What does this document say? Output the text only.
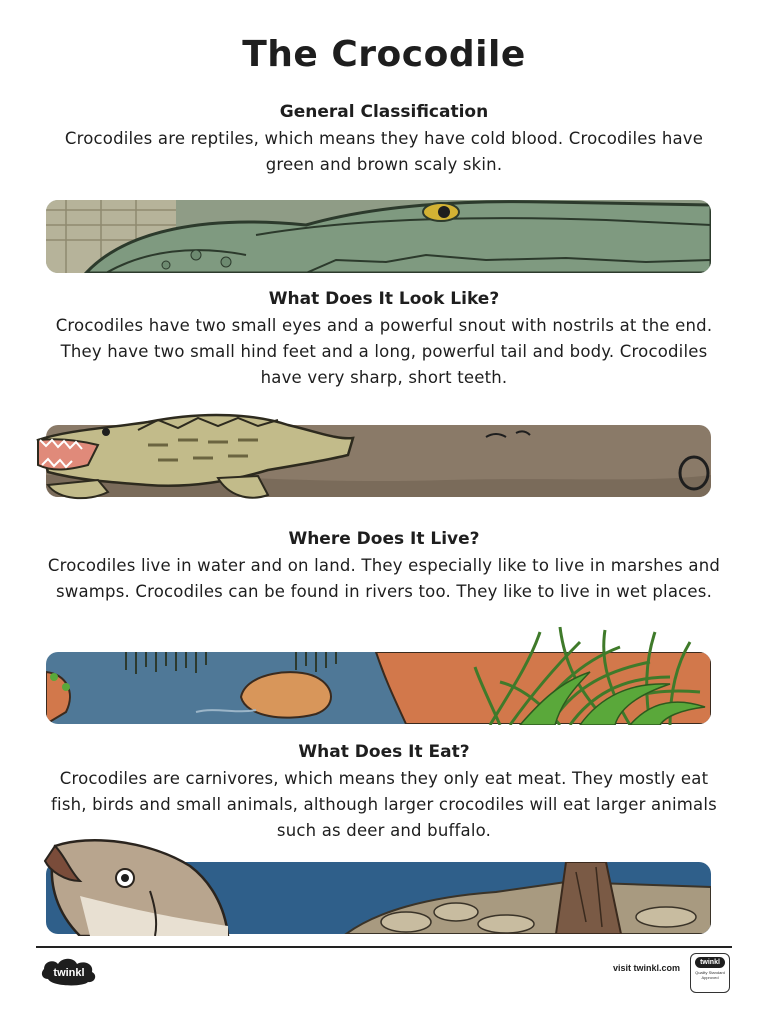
The Crocodile
General Classification

Crocodiles are reptiles, which means they have cold blood. Crocodiles have green and brown scaly skin.

What Does It Look Like?

Crocodiles have two small eyes and a powerful snout with nostrils at the end. They have two small hind feet and a long, powerful tail and body. Crocodiles have very sharp, short teeth.

Where Does It Live?

Crocodiles live in water and on land. They especially like to live in marshes and swamps. Crocodiles can be found in rivers too. They like to live in wet places.

What Does It Eat?

Crocodiles are carnivores, which means they only eat meat. They mostly eat fish, birds and small animals, although larger crocodiles will eat larger animals such as deer and buffalo.

twinkl	visit twinkl.com
twinkl
Quality Standard Approved
